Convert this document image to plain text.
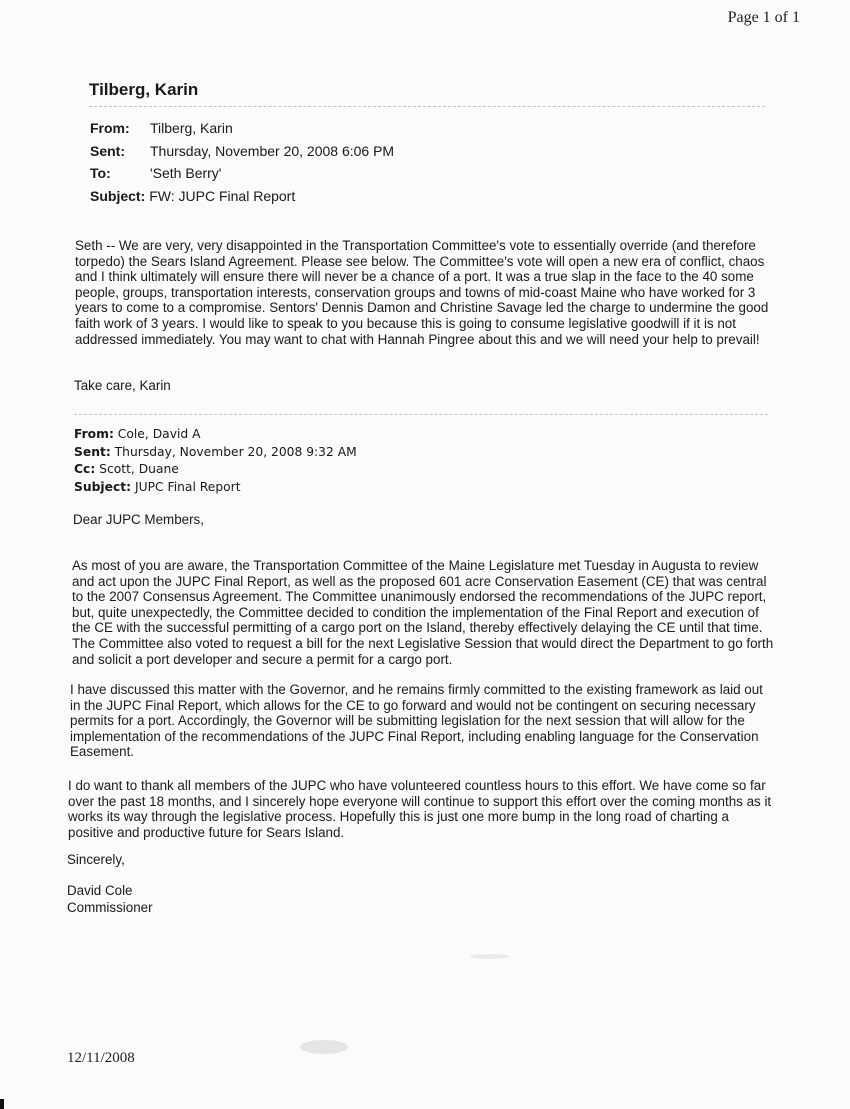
Page 1 of 1
Tilberg, Karin
From:	Tilberg, Karin
Sent:	Thursday, November 20, 2008 6:06 PM
To:	'Seth Berry'
Subject: FW: JUPC Final Report

Seth -- We are very, very disappointed in the Transportation Committee's vote to essentially override (and therefore torpedo) the Sears Island Agreement. Please see below. The Committee's vote will open a new era of conflict, chaos and I think ultimately will ensure there will never be a chance of a port. It was a true slap in the face to the 40 some people, groups, transportation interests, conservation groups and towns of mid-coast Maine who have worked for 3 years to come to a compromise. Sentors' Dennis Damon and Christine Savage led the charge to undermine the good faith work of 3 years. I would like to speak to you because this is going to consume legislative goodwill if it is not addressed immediately. You may want to chat with Hannah Pingree about this and we will need your help to prevail!

Take care, Karin
From: Cole, David A
Sent: Thursday, November 20, 2008 9:32 AM
Cc: Scott, Duane
Subject: JUPC Final Report
Dear JUPC Members,

As most of you are aware, the Transportation Committee of the Maine Legislature met Tuesday in Augusta to review and act upon the JUPC Final Report, as well as the proposed 601 acre Conservation Easement (CE) that was central to the 2007 Consensus Agreement. The Committee unanimously endorsed the recommendations of the JUPC report, but, quite unexpectedly, the Committee decided to condition the implementation of the Final Report and execution of the CE with the successful permitting of a cargo port on the Island, thereby effectively delaying the CE until that time. The Committee also voted to request a bill for the next Legislative Session that would direct the Department to go forth and solicit a port developer and secure a permit for a cargo port.

I have discussed this matter with the Governor, and he remains firmly committed to the existing framework as laid out in the JUPC Final Report, which allows for the CE to go forward and would not be contingent on securing necessary permits for a port. Accordingly, the Governor will be submitting legislation for the next session that will allow for the implementation of the recommendations of the JUPC Final Report, including enabling language for the Conservation Easement.

I do want to thank all members of the JUPC who have volunteered countless hours to this effort. We have come so far over the past 18 months, and I sincerely hope everyone will continue to support this effort over the coming months as it works its way through the legislative process. Hopefully this is just one more bump in the long road of charting a positive and productive future for Sears Island.

Sincerely,
David Cole
Commissioner
12/11/2008
